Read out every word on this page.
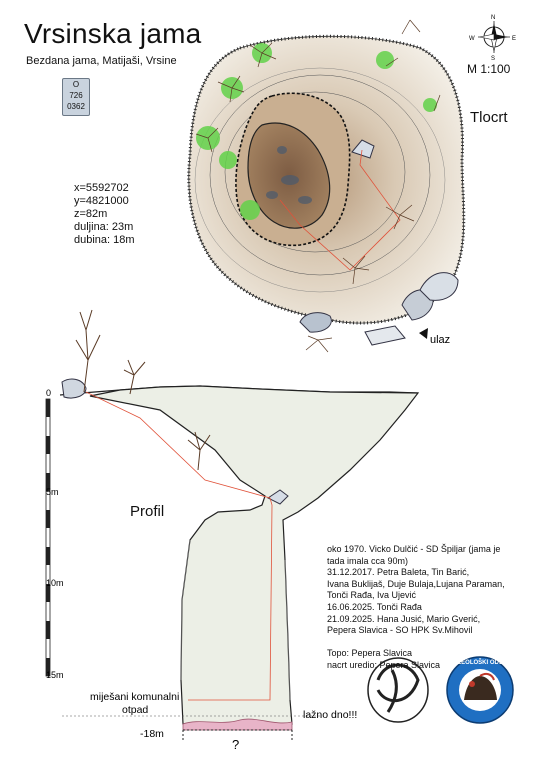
Vrsinska jama
Bezdana jama, Matijaši, Vrsine
O
726
0362
x=5592702
y=4821000
z=82m
duljina: 23m
dubina: 18m
M 1:100
Tlocrt
Profil
N
S
E
W
ulaz
0
5m
10m
15m
miješani komunalni
otpad	lažno dno!!!
-18m
?
SPELEOLOŠKI ODSJEK
oko 1970. Vicko Dulčić - SD Špiljar (jama je
tada imala cca 90m)
31.12.2017. Petra Baleta, Tin Barić,
Ivana Buklijaš, Duje Bulaja,Lujana Paraman,
Tonči Rađa, Iva Ujević
16.06.2025. Tonči Rađa
21.09.2025. Hana Jusić, Mario Gverić,
Pepera Slavica - SO HPK Sv.Mihovil
Topo: Pepera Slavica
nacrt uredio: Pepera Slavica
